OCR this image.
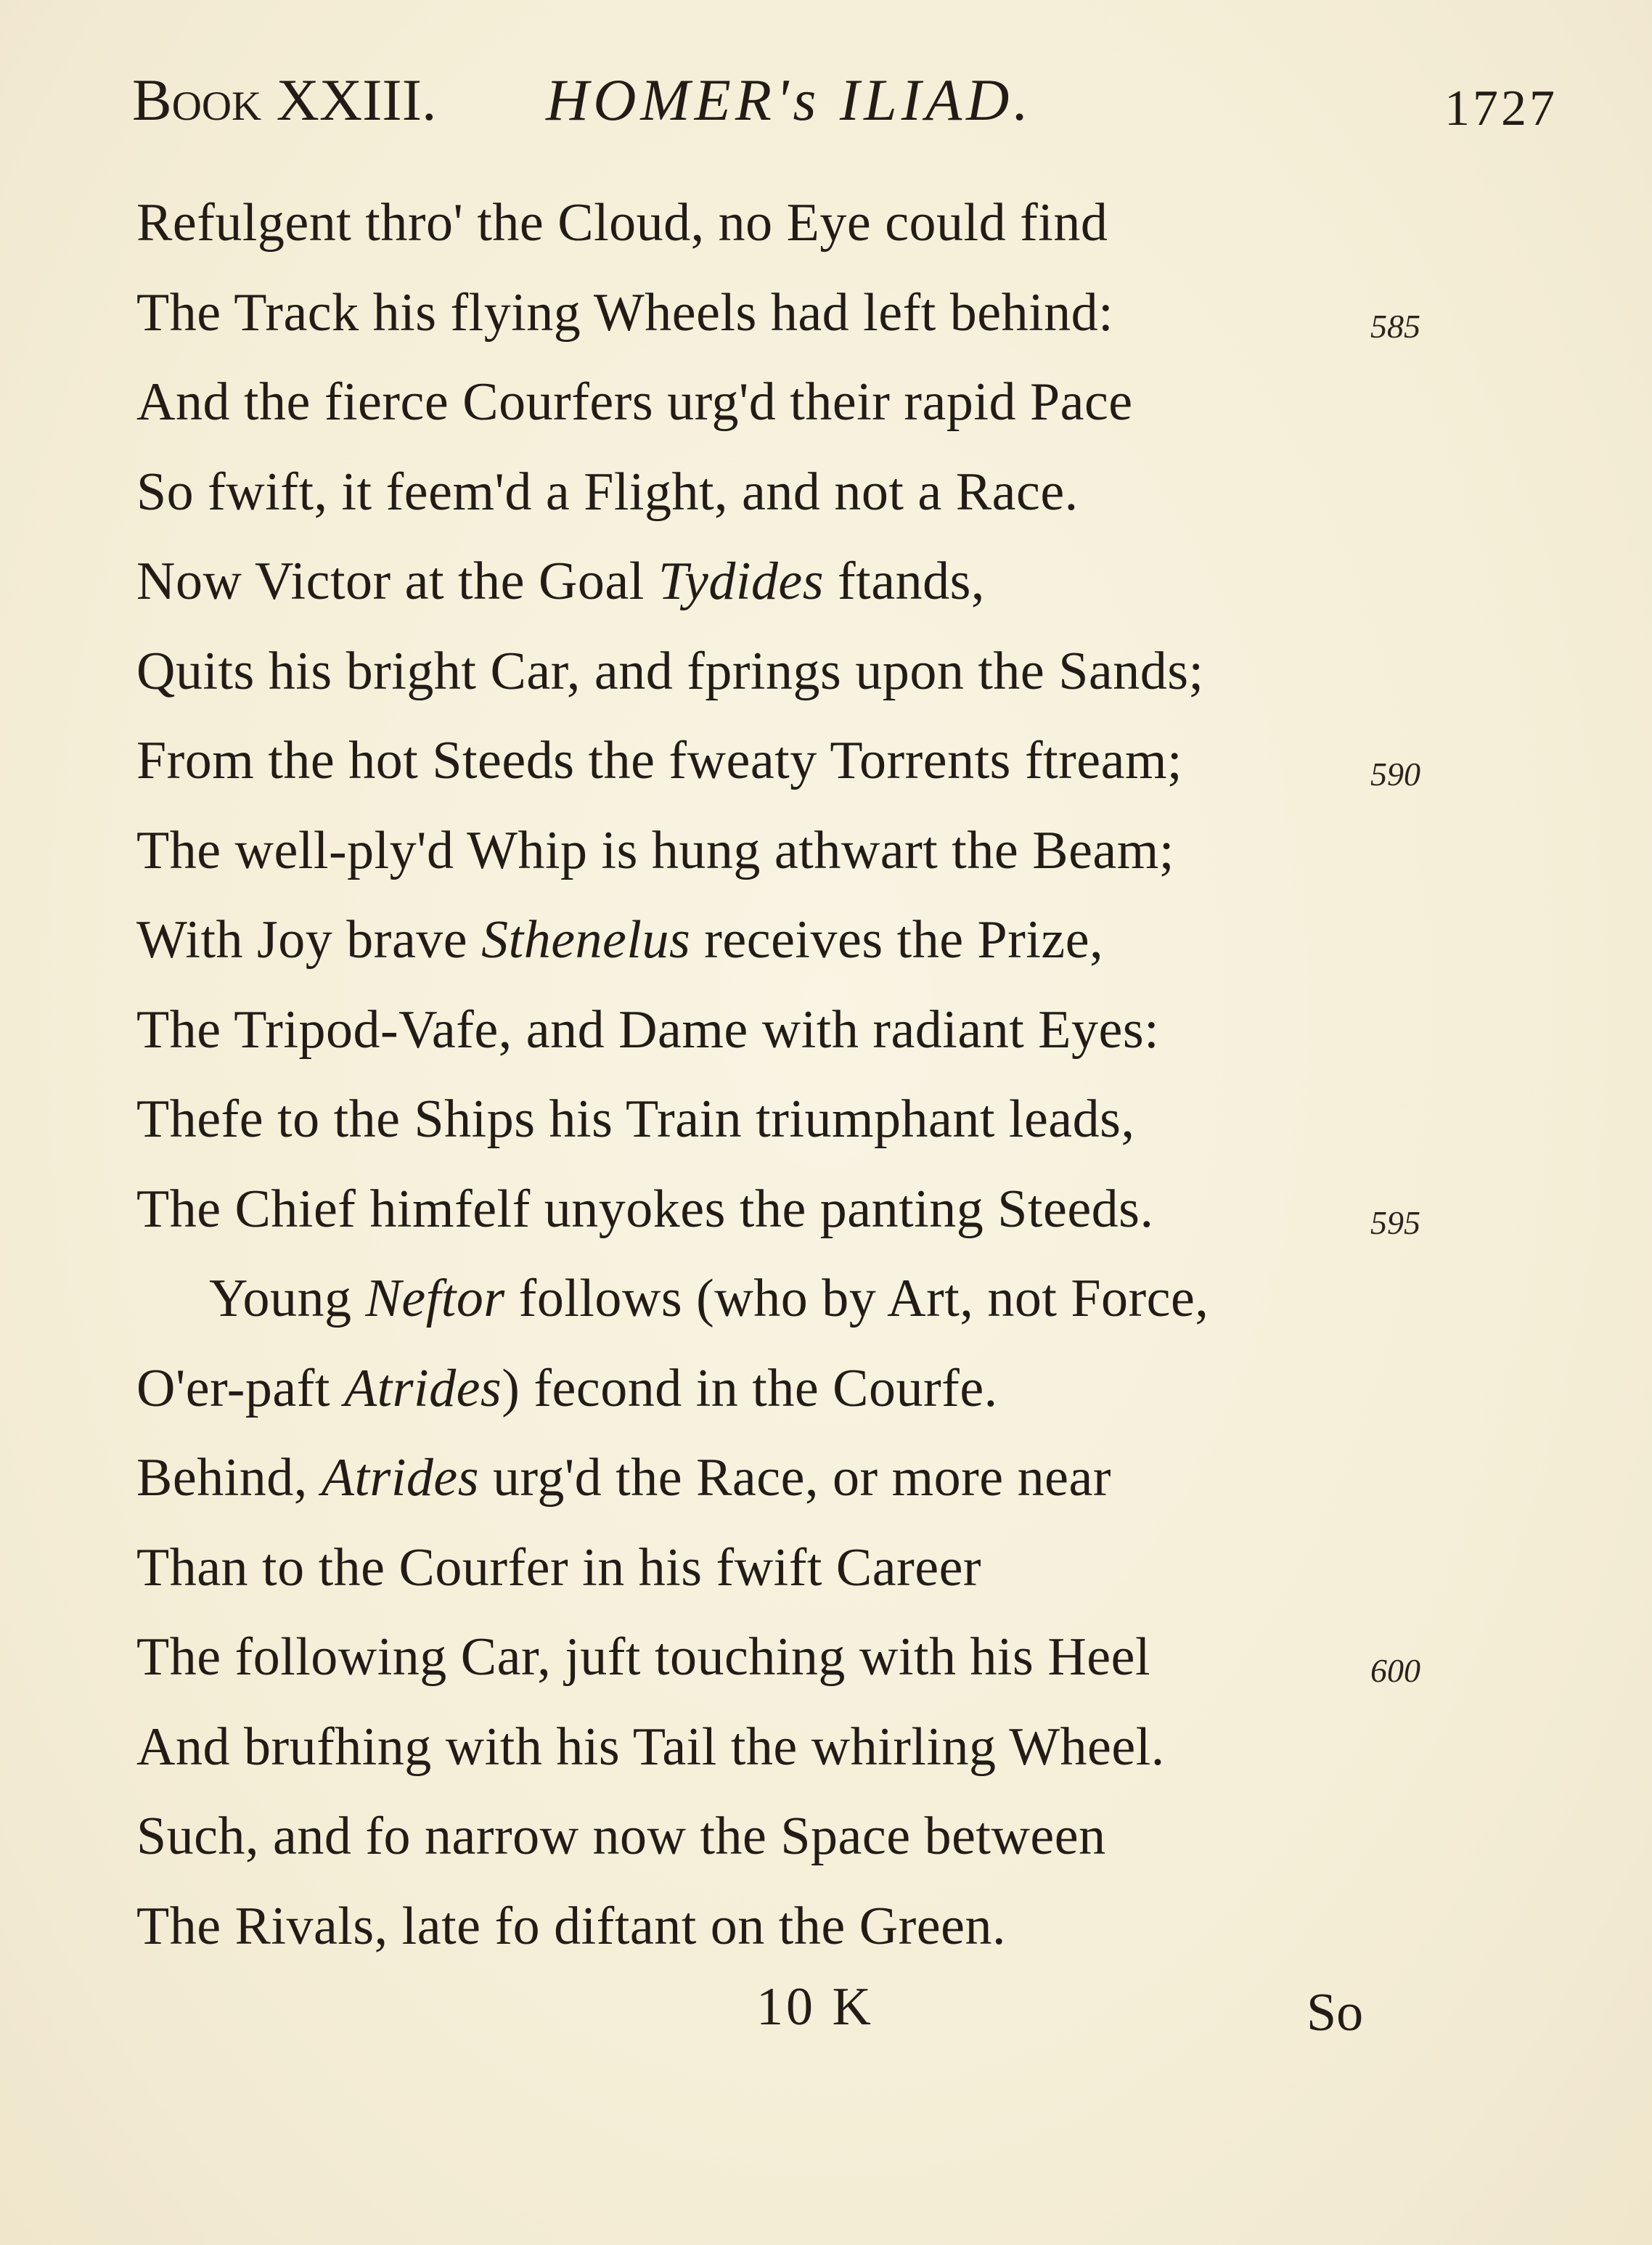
Book XXIII. HOMER's ILIAD.	1727
Refulgent thro' the Cloud, no Eye could find
The Track his flying Wheels had left behind:	585
And the fierce Courfers urg'd their rapid Pace
So fwift, it feem'd a Flight, and not a Race.
Now Victor at the Goal Tydides ftands,
Quits his bright Car, and fprings upon the Sands;
From the hot Steeds the fweaty Torrents ftream;	590
The well-ply'd Whip is hung athwart the Beam;
With Joy brave Sthenelus receives the Prize,
The Tripod-Vafe, and Dame with radiant Eyes:
Thefe to the Ships his Train triumphant leads,
The Chief himfelf unyokes the panting Steeds.	595
Young Neftor follows (who by Art, not Force,
O'er-paft Atrides) fecond in the Courfe.
Behind, Atrides urg'd the Race, or more near
Than to the Courfer in his fwift Career
The following Car, juft touching with his Heel	600
And brufhing with his Tail the whirling Wheel.
Such, and fo narrow now the Space between
The Rivals, late fo diftant on the Green.
10 K	So
